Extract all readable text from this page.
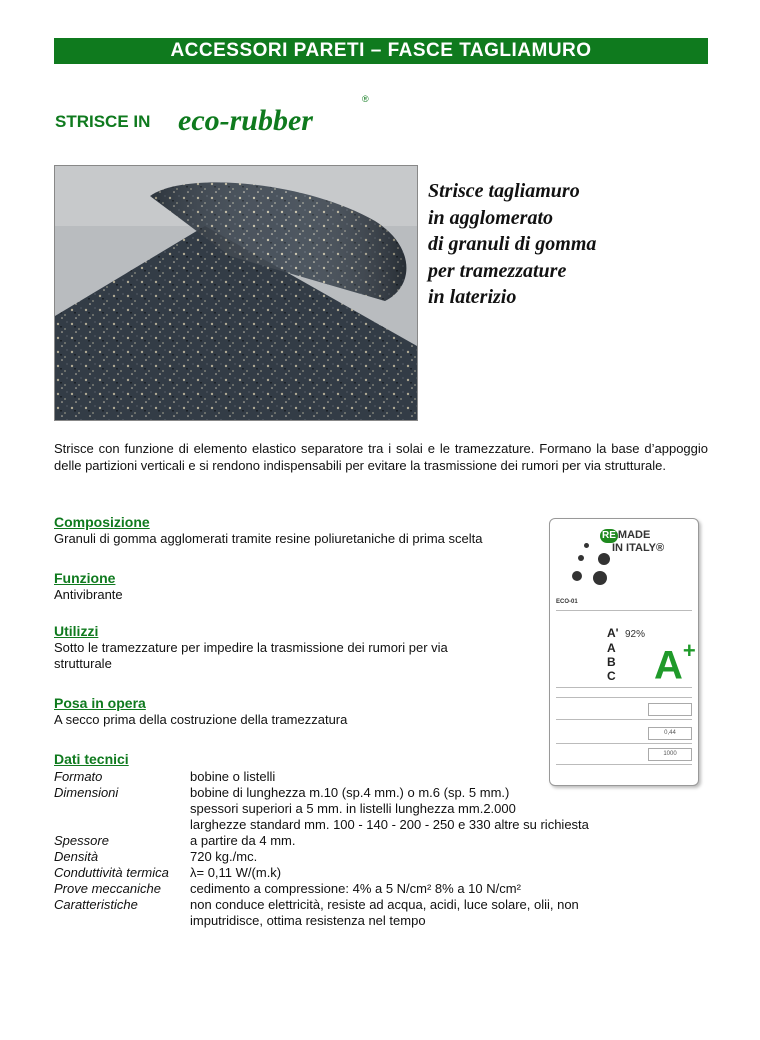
ACCESSORI PARETI – FASCE TAGLIAMURO
STRISCE IN eco-rubber
®
Strisce tagliamuro
in agglomerato
di granuli di gomma
per tramezzature
in laterizio
Strisce con funzione di elemento elastico separatore tra i solai e le tramezzature. Formano la base d’appoggio delle partizioni verticali e si rendono indispensabili per evitare la trasmissione dei rumori per via strutturale.
Composizione
Granuli di gomma agglomerati tramite resine poliuretaniche di prima scelta
Funzione
Antivibrante
Utilizzi
Sotto le tramezzature per impedire la trasmissione dei rumori per via strutturale
Posa in opera
A secco prima della costruzione della tramezzatura
Dati tecnici
Formato	bobine o listelli
Dimensioni	bobine di lunghezza m.10 (sp.4 mm.) o m.6 (sp. 5 mm.)
	spessori superiori a 5 mm. in listelli lunghezza mm.2.000
	larghezze standard mm. 100 - 140 - 200 - 250 e 330 altre su richiesta
Spessore	a partire da 4 mm.
Densità	720 kg./mc.
Conduttività termica	λ= 0,11 W/(m.k)
Prove meccaniche	cedimento a compressione: 4% a 5 N/cm² 8% a 10 N/cm²
Caratteristiche	non conduce elettricità, resiste ad acqua, acidi, luce solare, olii, non
	imputridisce, ottima resistenza nel tempo
RE MADE
IN ITALY®
ECO-01
A'
A
B
C
92%
A+
0,44
1000
